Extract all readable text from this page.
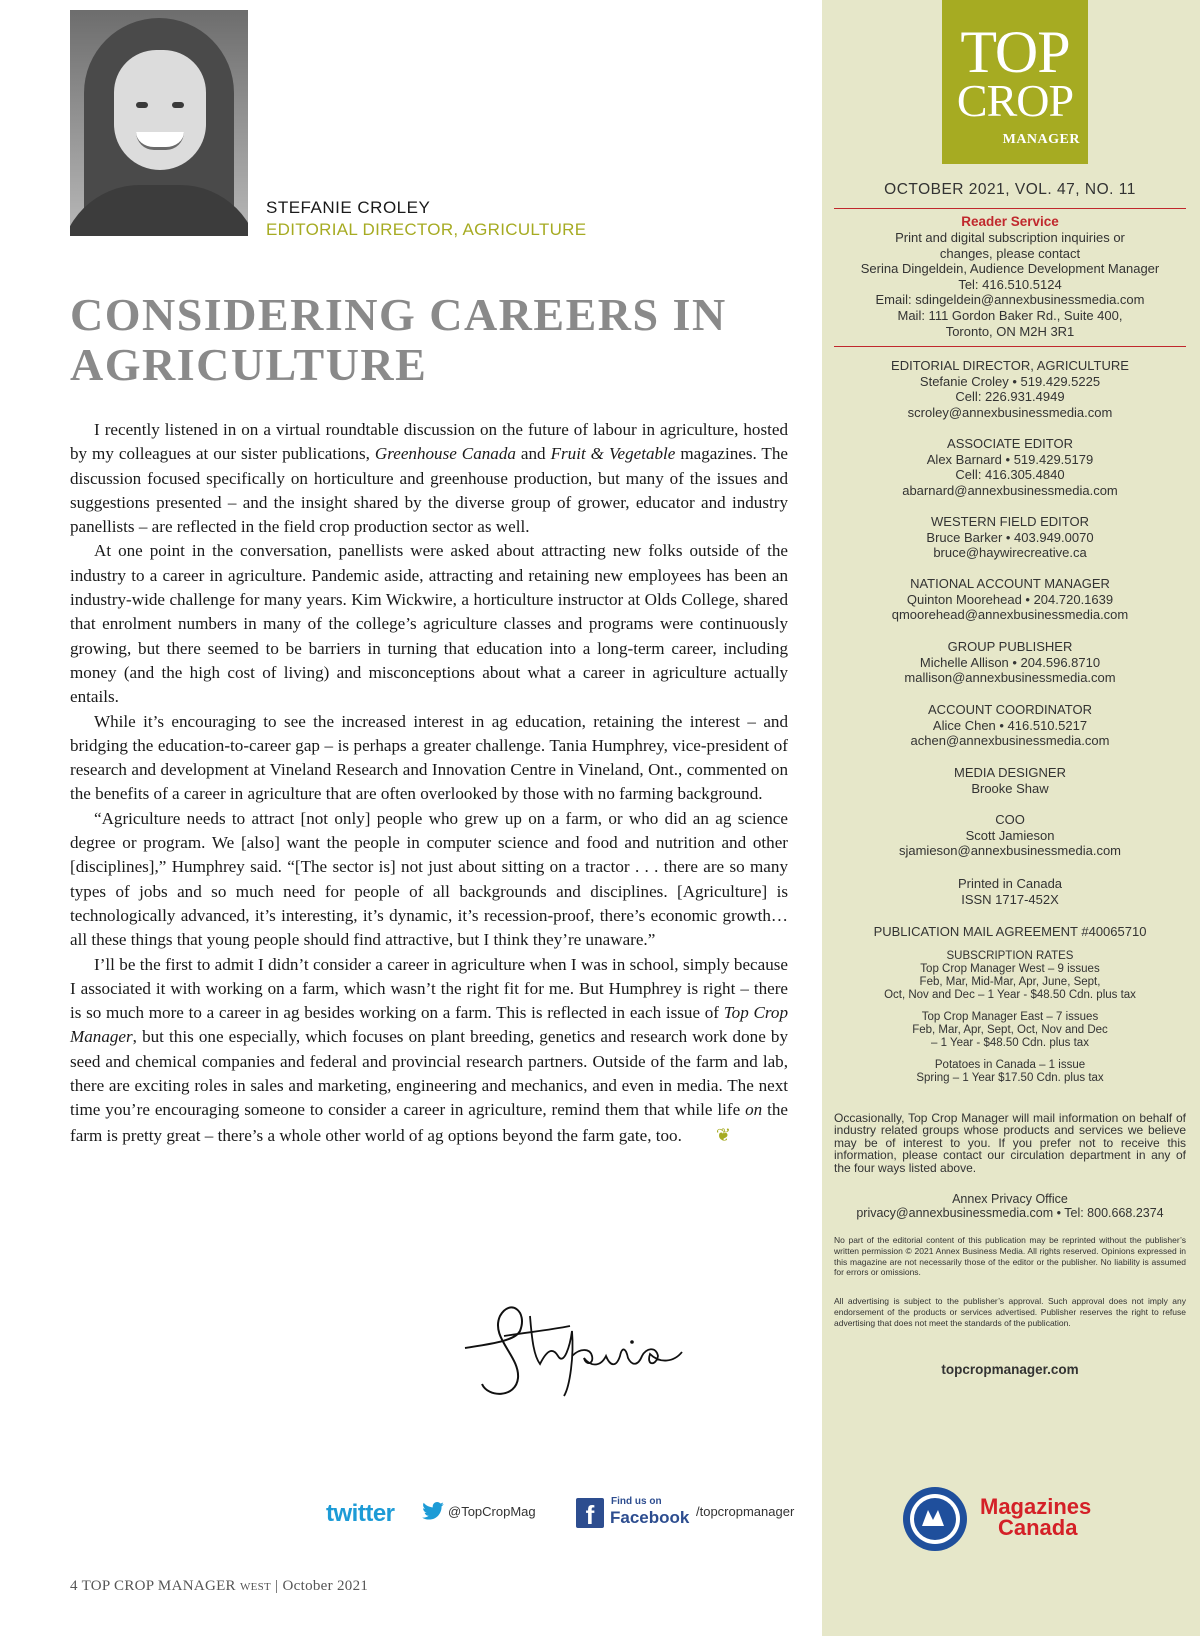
STEFANIE CROLEY
EDITORIAL DIRECTOR, AGRICULTURE
CONSIDERING CAREERS IN
AGRICULTURE

I recently listened in on a virtual roundtable discussion on the future of labour in agriculture, hosted by my colleagues at our sister publications, Greenhouse Canada and Fruit & Vegetable magazines. The discussion focused specifically on horticulture and greenhouse production, but many of the issues and suggestions presented – and the insight shared by the diverse group of grower, educator and industry panellists – are reflected in the field crop production sector as well.

At one point in the conversation, panellists were asked about attracting new folks outside of the industry to a career in agriculture. Pandemic aside, attracting and retaining new employees has been an industry-wide challenge for many years. Kim Wickwire, a horticulture instructor at Olds College, shared that enrolment numbers in many of the college’s agriculture classes and programs were continuously growing, but there seemed to be barriers in turning that education into a long-term career, including money (and the high cost of living) and misconceptions about what a career in agriculture actually entails.

While it’s encouraging to see the increased interest in ag education, retaining the interest – and bridging the education-to-career gap – is perhaps a greater challenge. Tania Humphrey, vice-president of research and development at Vineland Research and Innovation Centre in Vineland, Ont., commented on the benefits of a career in agriculture that are often overlooked by those with no farming background.

“Agriculture needs to attract [not only] people who grew up on a farm, or who did an ag science degree or program. We [also] want the people in computer science and food and nutrition and other [disciplines],” Humphrey said. “[The sector is] not just about sitting on a tractor . . . there are so many types of jobs and so much need for people of all backgrounds and disciplines. [Agriculture] is technologically advanced, it’s interesting, it’s dynamic, it’s recession-proof, there’s economic growth…all these things that young people should find attractive, but I think they’re unaware.”

I’ll be the first to admit I didn’t consider a career in agriculture when I was in school, simply because I associated it with working on a farm, which wasn’t the right fit for me. But Humphrey is right – there is so much more to a career in ag besides working on a farm. This is reflected in each issue of Top Crop Manager, but this one especially, which focuses on plant breeding, genetics and research work done by seed and chemical companies and federal and provincial research partners. Outside of the farm and lab, there are exciting roles in sales and marketing, engineering and mechanics, and even in media. The next time you’re encouraging someone to consider a career in agriculture, remind them that while life on the farm is pretty great – there’s a whole other world of ag options beyond the farm gate, too. ❦

twitter	@TopCropMag	f	Find us on
Facebook /topcropmanager
4 TOP CROP MANAGER WEST | October 2021
TOP
CROP
MANAGER
OCTOBER 2021, VOL. 47, NO. 11
Reader Service
Print and digital subscription inquiries or
changes, please contact
Serina Dingeldein, Audience Development Manager
Tel: 416.510.5124
Email: sdingeldein@annexbusinessmedia.com
Mail: 111 Gordon Baker Rd., Suite 400,
Toronto, ON M2H 3R1
EDITORIAL DIRECTOR, AGRICULTURE
Stefanie Croley • 519.429.5225
Cell: 226.931.4949
scroley@annexbusinessmedia.com
ASSOCIATE EDITOR
Alex Barnard • 519.429.5179
Cell: 416.305.4840
abarnard@annexbusinessmedia.com
WESTERN FIELD EDITOR
Bruce Barker • 403.949.0070
bruce@haywirecreative.ca
NATIONAL ACCOUNT MANAGER
Quinton Moorehead • 204.720.1639
qmoorehead@annexbusinessmedia.com
GROUP PUBLISHER
Michelle Allison • 204.596.8710
mallison@annexbusinessmedia.com
ACCOUNT COORDINATOR
Alice Chen • 416.510.5217
achen@annexbusinessmedia.com
MEDIA DESIGNER
Brooke Shaw
COO
Scott Jamieson
sjamieson@annexbusinessmedia.com
Printed in Canada
ISSN 1717-452X
PUBLICATION MAIL AGREEMENT #40065710
SUBSCRIPTION RATES
Top Crop Manager West – 9 issues
Feb, Mar, Mid-Mar, Apr, June, Sept,
Oct, Nov and Dec – 1 Year - $48.50 Cdn. plus tax
Top Crop Manager East – 7 issues
Feb, Mar, Apr, Sept, Oct, Nov and Dec
– 1 Year - $48.50 Cdn. plus tax
Potatoes in Canada – 1 issue
Spring – 1 Year $17.50 Cdn. plus tax
Occasionally, Top Crop Manager will mail information on behalf of industry related groups whose products and services we believe may be of interest to you. If you prefer not to receive this information, please contact our circulation department in any of the four ways listed above.
Annex Privacy Office
privacy@annexbusinessmedia.com • Tel: 800.668.2374
No part of the editorial content of this publication may be reprinted without the publisher’s written permission © 2021 Annex Business Media. All rights reserved. Opinions expressed in this magazine are not necessarily those of the editor or the publisher. No liability is assumed for errors or omissions.
All advertising is subject to the publisher’s approval. Such approval does not imply any endorsement of the products or services advertised. Publisher reserves the right to refuse advertising that does not meet the standards of the publication.
topcropmanager.com
Magazines
Canada
